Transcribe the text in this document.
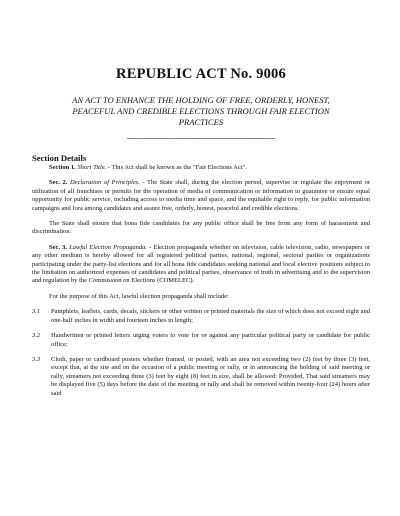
REPUBLIC ACT No. 9006
AN ACT TO ENHANCE THE HOLDING OF FREE, ORDERLY, HONEST, PEACEFUL AND CREDIBLE ELECTIONS THROUGH FAIR ELECTION PRACTICES
-------------------------------------------------------------------------
Section Details

Section 1. Short Title. - This Act shall be known as the "Fair Elections Act".

Sec. 2. Declaration of Principles. - The State shall, during the election period, supervise or regulate the enjoyment or utilization of all franchises or permits for the operation of media of communication or information to guarantee or ensure equal opportunity for public service, including access to media time and space, and the equitable right to reply, for public information campaigns and fora among candidates and assure free, orderly, honest, peaceful and credible elections.

The State shall ensure that bona fide candidates for any public office shall be free from any form of harassment and discrimination.

Sec. 3. Lawful Election Propaganda. - Election propaganda whether on television, cable television, radio, newspapers or any other medium is hereby allowed for all registered political parties, national, regional, sectoral parties or organizations participating under the party-list elections and for all bona fide candidates seeking national and local elective positions subject to the limitation on authorized expenses of candidates and political parties, observance of truth in advertising and to the supervision and regulation by the Commission on Elections (COMELEC).

For the purpose of this Act, lawful election propaganda shall include:

3.1	Pamphlets, leaflets, cards, decals, stickers or other written or printed materials the size of which does not exceed eight and one-half inches in width and fourteen inches in length;
3.2	Handwritten or printed letters urging voters to vote for or against any particular political party or candidate for public office;
3.3	Cloth, paper or cardboard posters whether framed, or posted, with an area not exceeding two (2) feet by three (3) feet, except that, at the site and on the occasion of a public meeting or rally, or in announcing the holding of said meeting or rally, streamers not exceeding three (3) feet by eight (8) feet in size, shall be allowed: Provided, That said streamers may be displayed five (5) days before the date of the meeting or rally and shall be removed within twenty-four (24) hours after said
